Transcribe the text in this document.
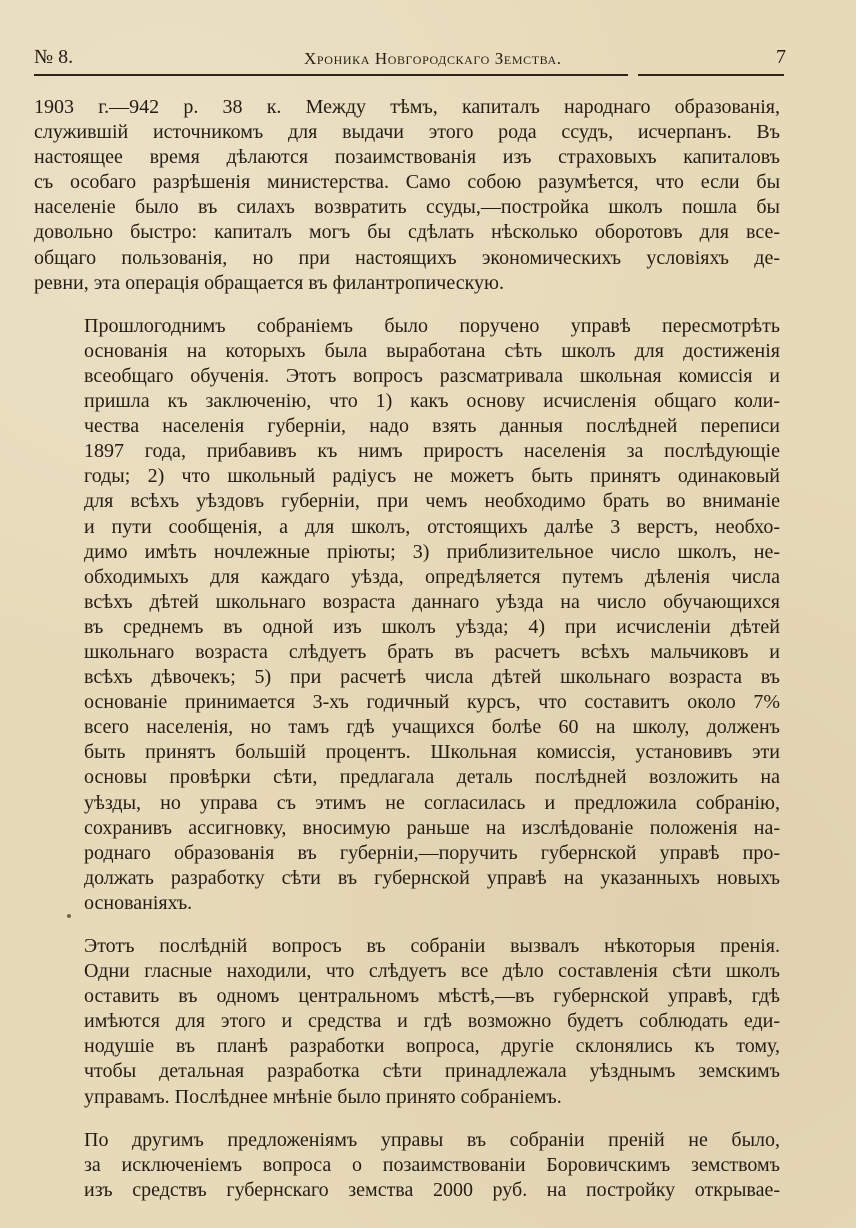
№ 8.	Хроника Новгородскаго Земства.	7
1903 г.—942 р. 38 к. Между тѣмъ, капиталъ народнаго образованія,
служившій источникомъ для выдачи этого рода ссудъ, исчерпанъ. Въ
настоящее время дѣлаются позаимствованія изъ страховыхъ капиталовъ
съ особаго разрѣшенія министерства. Само собою разумѣется, что если бы
населеніе было въ силахъ возвратить ссуды,—постройка школъ пошла бы
довольно быстро: капиталъ могъ бы сдѣлать нѣсколько оборотовъ для все-
общаго пользованія, но при настоящихъ экономическихъ условіяхъ де-
ревни, эта операція обращается въ филантропическую.
Прошлогоднимъ собраніемъ было поручено управѣ пересмотрѣть
основанія на которыхъ была выработана сѣть школъ для достиженія
всеобщаго обученія. Этотъ вопросъ разсматривала школьная комиссія и
пришла къ заключенію, что 1) какъ основу исчисленія общаго коли-
чества населенія губерніи, надо взять данныя послѣдней переписи
1897 года, прибавивъ къ нимъ приростъ населенія за послѣдующіе
годы; 2) что школьный радіусъ не можетъ быть принятъ одинаковый
для всѣхъ уѣздовъ губерніи, при чемъ необходимо брать во вниманіе
и пути сообщенія, а для школъ, отстоящихъ далѣе 3 верстъ, необхо-
димо имѣть ночлежные пріюты; 3) приблизительное число школъ, не-
обходимыхъ для каждаго уѣзда, опредѣляется путемъ дѣленія числа
всѣхъ дѣтей школьнаго возраста даннаго уѣзда на число обучающихся
въ среднемъ въ одной изъ школъ уѣзда; 4) при исчисленіи дѣтей
школьнаго возраста слѣдуетъ брать въ расчетъ всѣхъ мальчиковъ и
всѣхъ дѣвочекъ; 5) при расчетѣ числа дѣтей школьнаго возраста въ
основаніе принимается 3-хъ годичный курсъ, что составитъ около 7%
всего населенія, но тамъ гдѣ учащихся болѣе 60 на школу, долженъ
быть принятъ большій процентъ. Школьная комиссія, установивъ эти
основы провѣрки сѣти, предлагала деталь послѣдней возложить на
уѣзды, но управа съ этимъ не согласилась и предложила собранію,
сохранивъ ассигновку, вносимую раньше на изслѣдованіе положенія на-
роднаго образованія въ губерніи,—поручить губернской управѣ про-
должать разработку сѣти въ губернской управѣ на указанныхъ новыхъ
основаніяхъ.
Этотъ послѣдній вопросъ въ собраніи вызвалъ нѣкоторыя пренія.
Одни гласные находили, что слѣдуетъ все дѣло составленія сѣти школъ
оставить въ одномъ центральномъ мѣстѣ,—въ губернской управѣ, гдѣ
имѣются для этого и средства и гдѣ возможно будетъ соблюдать еди-
нодушіе въ планѣ разработки вопроса, другіе склонялись къ тому,
чтобы детальная разработка сѣти принадлежала уѣзднымъ земскимъ
управамъ. Послѣднее мнѣніе было принято собраніемъ.
По другимъ предложеніямъ управы въ собраніи преній не было,
за исключеніемъ вопроса о позаимствованіи Боровичскимъ земствомъ
изъ средствъ губернскаго земства 2000 руб. на постройку открывае-
